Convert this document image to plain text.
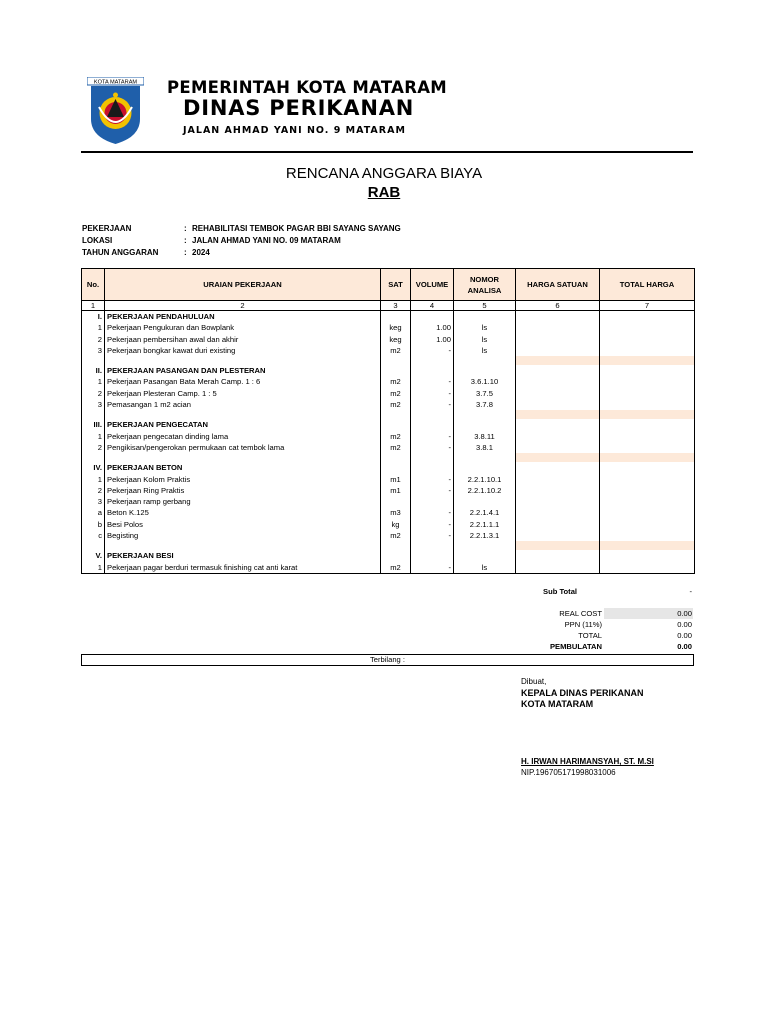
KOTA MATARAM PEMERINTAH KOTA MATARAM
DINAS PERIKANAN
JALAN AHMAD YANI NO. 9 MATARAM
RENCANA ANGGARA BIAYA
RAB
PEKERJAAN	: REHABILITASI TEMBOK PAGAR BBI SAYANG SAYANG
LOKASI	: JALAN AHMAD YANI NO. 09 MATARAM
TAHUN ANGGARAN	: 2024
No.	URAIAN PEKERJAAN	SAT	VOLUME	NOMOR ANALISA	HARGA SATUAN	TOTAL HARGA
1	2	3	4	5	6	7
I.	PEKERJAAN PENDAHULUAN					
1	Pekerjaan Pengukuran dan Bowplank	keg	1.00	ls		
2	Pekerjaan pembersihan awal dan akhir	keg	1.00	ls		
3	Pekerjaan bongkar kawat duri existing	m2	-	ls		

II.	PEKERJAAN PASANGAN DAN PLESTERAN					
1	Pekerjaan Pasangan Bata Merah Camp. 1 : 6	m2	-	3.6.1.10		
2	Pekerjaan Plesteran Camp. 1 : 5	m2	-	3.7.5		
3	Pemasangan 1 m2 acian	m2	-	3.7.8		

III.	PEKERJAAN PENGECATAN					
1	Pekerjaan pengecatan dinding lama	m2	-	3.8.11		
2	Pengikisan/pengerokan permukaan cat tembok lama	m2	-	3.8.1		

IV.	PEKERJAAN BETON					
1	Pekerjaan Kolom Praktis	m1	-	2.2.1.10.1		
2	Pekerjaan Ring Praktis	m1	-	2.2.1.10.2		
3	Pekerjaan ramp gerbang					
a	Beton K.125	m3	-	2.2.1.4.1		
b	Besi Polos	kg	-	2.2.1.1.1		
c	Begisting	m2	-	2.2.1.3.1		

V.	PEKERJAAN BESI					
1	Pekerjaan pagar berduri termasuk finishing cat anti karat	m2	-	ls		
Sub Total	-
REAL COST	0.00
PPN (11%)	0.00
TOTAL	0.00
PEMBULATAN	0.00
Terbilang :
Dibuat,
KEPALA DINAS PERIKANAN
KOTA MATARAM
H. IRWAN HARIMANSYAH, ST. M.SI
NIP.196705171998031006
